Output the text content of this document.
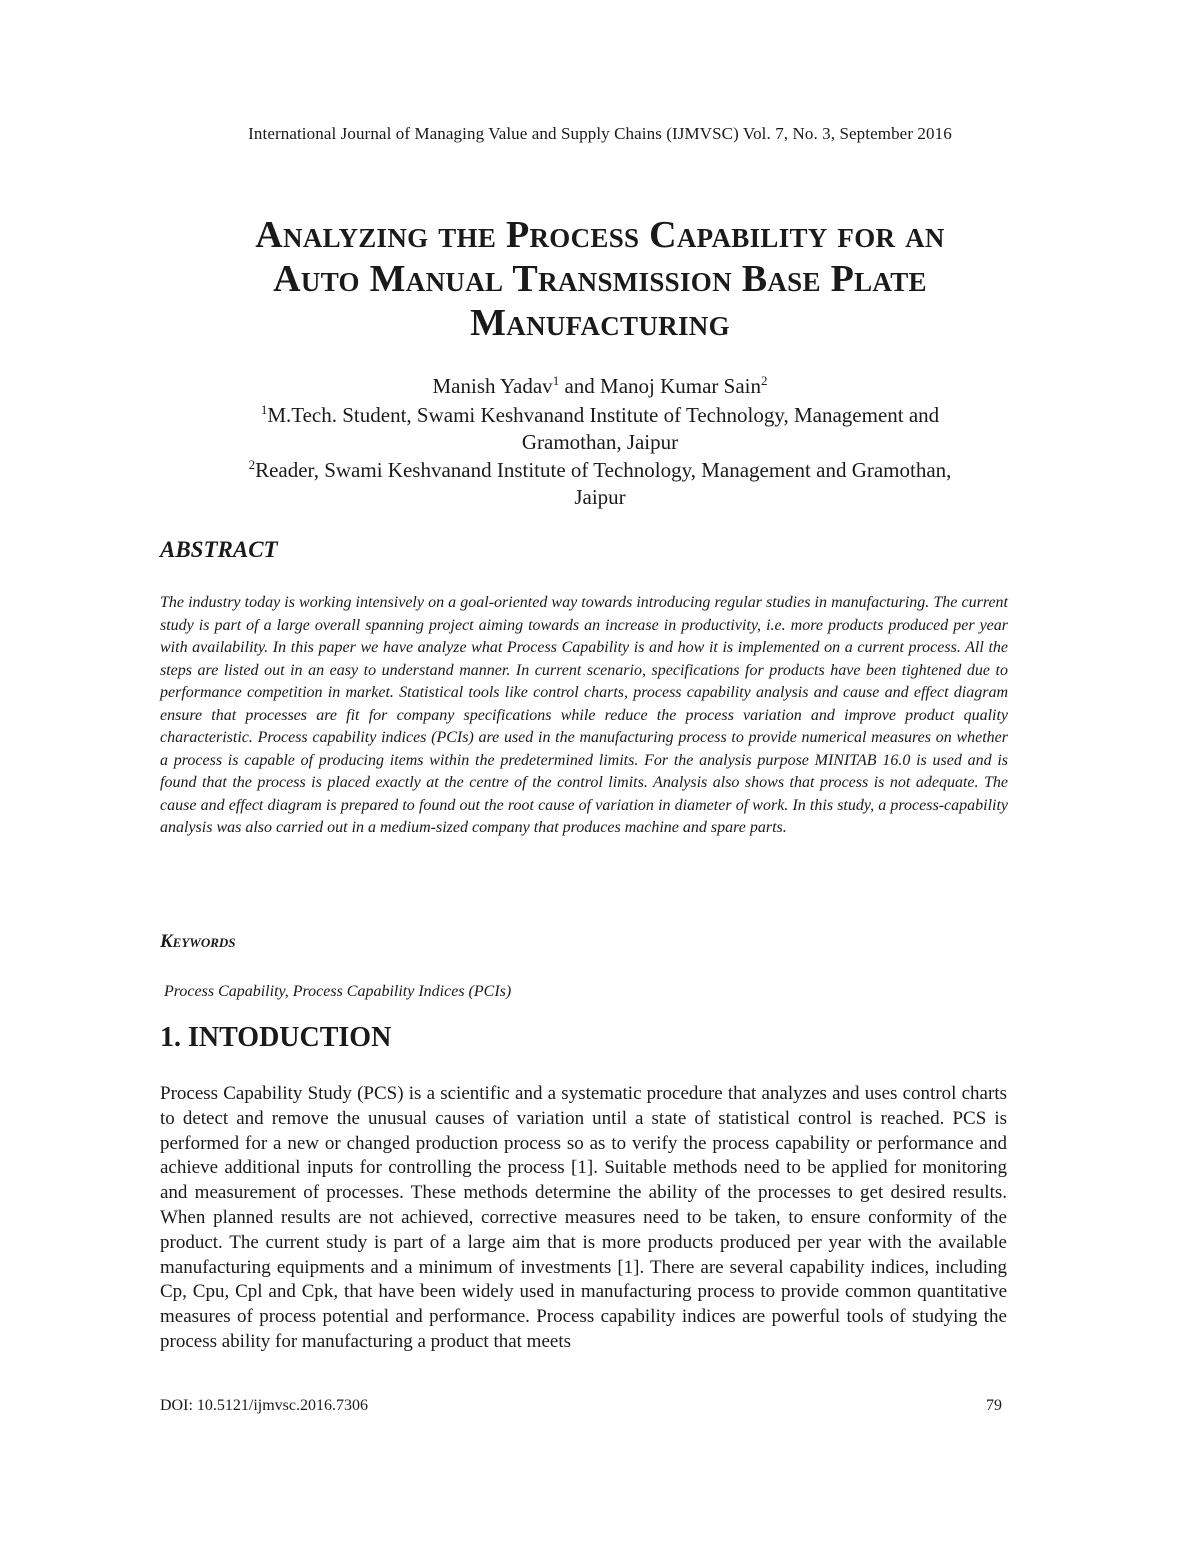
International Journal of Managing Value and Supply Chains (IJMVSC) Vol. 7, No. 3, September 2016
Analyzing the Process Capability for an
Auto Manual Transmission Base Plate
Manufacturing
Manish Yadav$^1$ and Manoj Kumar Sain$^2$
$^1$M.Tech. Student, Swami Keshvanand Institute of Technology, Management and
Gramothan, Jaipur
$^2$Reader, Swami Keshvanand Institute of Technology, Management and Gramothan,
Jaipur
ABSTRACT
The industry today is working intensively on a goal-oriented way towards introducing regular studies in manufacturing. The current study is part of a large overall spanning project aiming towards an increase in productivity, i.e. more products produced per year with availability. In this paper we have analyze what Process Capability is and how it is implemented on a current process. All the steps are listed out in an easy to understand manner. In current scenario, specifications for products have been tightened due to performance competition in market. Statistical tools like control charts, process capability analysis and cause and effect diagram ensure that processes are fit for company specifications while reduce the process variation and improve product quality characteristic. Process capability indices (PCIs) are used in the manufacturing process to provide numerical measures on whether a process is capable of producing items within the predetermined limits. For the analysis purpose MINITAB 16.0 is used and is found that the process is placed exactly at the centre of the control limits. Analysis also shows that process is not adequate. The cause and effect diagram is prepared to found out the root cause of variation in diameter of work. In this study, a process-capability analysis was also carried out in a medium-sized company that produces machine and spare parts.
Keywords
Process Capability, Process Capability Indices (PCIs)
1. INTODUCTION
Process Capability Study (PCS) is a scientific and a systematic procedure that analyzes and uses control charts to detect and remove the unusual causes of variation until a state of statistical control is reached. PCS is performed for a new or changed production process so as to verify the process capability or performance and achieve additional inputs for controlling the process [1]. Suitable methods need to be applied for monitoring and measurement of processes. These methods determine the ability of the processes to get desired results. When planned results are not achieved, corrective measures need to be taken, to ensure conformity of the product. The current study is part of a large aim that is more products produced per year with the available manufacturing equipments and a minimum of investments [1]. There are several capability indices, including Cp, Cpu, Cpl and Cpk, that have been widely used in manufacturing process to provide common quantitative measures of process potential and performance. Process capability indices are powerful tools of studying the process ability for manufacturing a product that meets
DOI: 10.5121/ijmvsc.2016.7306	79
